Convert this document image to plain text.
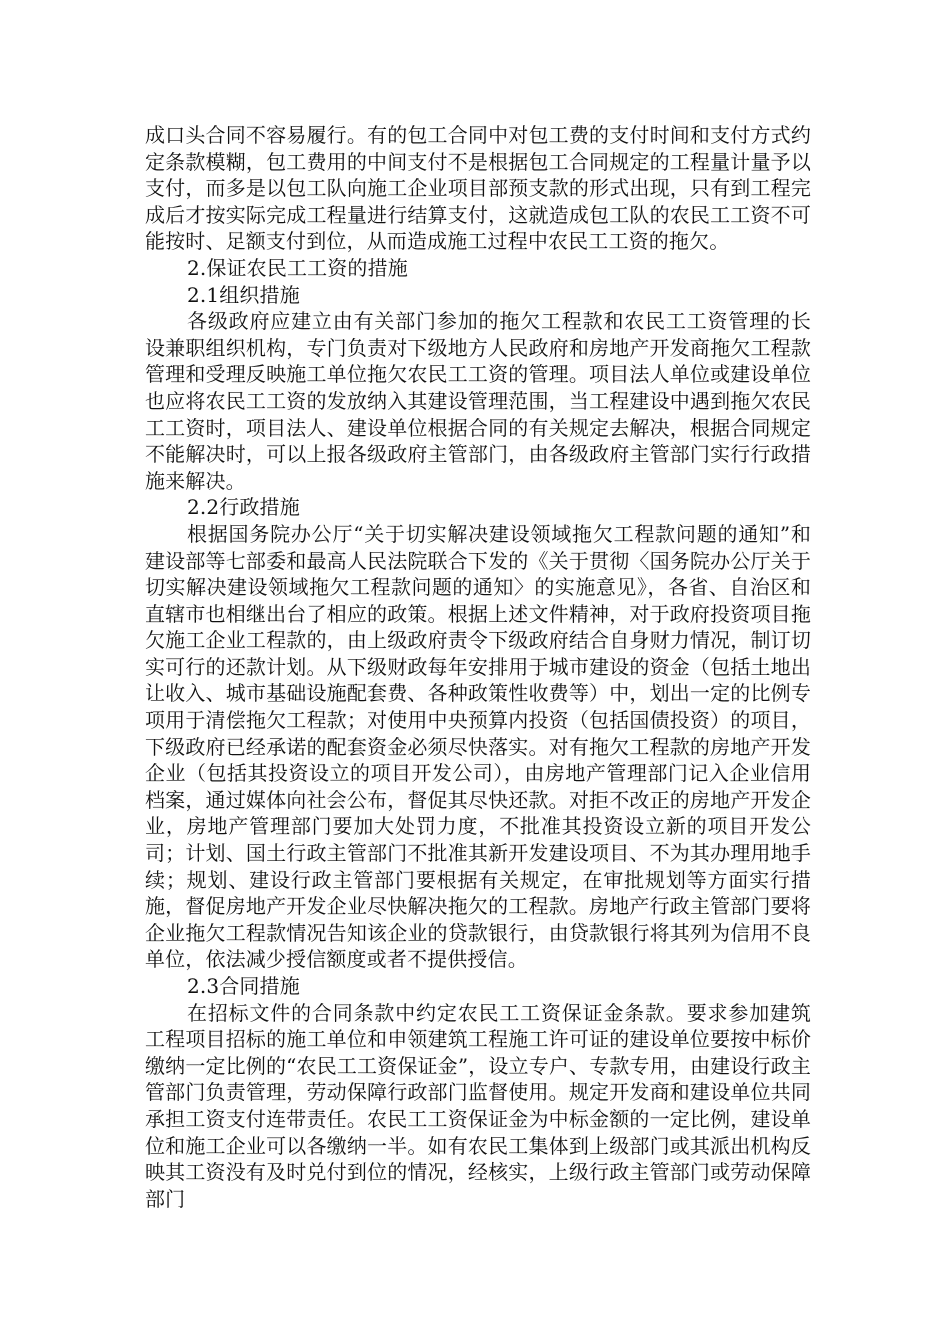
成口头合同不容易履行。有的包工合同中对包工费的支付时间和支付方式约定条款模糊，包工费用的中间支付不是根据包工合同规定的工程量计量予以支付，而多是以包工队向施工企业项目部预支款的形式出现，只有到工程完成后才按实际完成工程量进行结算支付，这就造成包工队的农民工工资不可能按时、足额支付到位，从而造成施工过程中农民工工资的拖欠。

2.保证农民工工资的措施

2.1组织措施

各级政府应建立由有关部门参加的拖欠工程款和农民工工资管理的长设兼职组织机构，专门负责对下级地方人民政府和房地产开发商拖欠工程款管理和受理反映施工单位拖欠农民工工资的管理。项目法人单位或建设单位也应将农民工工资的发放纳入其建设管理范围，当工程建设中遇到拖欠农民工工资时，项目法人、建设单位根据合同的有关规定去解决，根据合同规定不能解决时，可以上报各级政府主管部门，由各级政府主管部门实行行政措施来解决。

2.2行政措施

根据国务院办公厅“关于切实解决建设领域拖欠工程款问题的通知”和建设部等七部委和最高人民法院联合下发的《关于贯彻〈国务院办公厅关于切实解决建设领域拖欠工程款问题的通知〉的实施意见》，各省、自治区和直辖市也相继出台了相应的政策。根据上述文件精神，对于政府投资项目拖欠施工企业工程款的，由上级政府责令下级政府结合自身财力情况，制订切实可行的还款计划。从下级财政每年安排用于城市建设的资金（包括土地出让收入、城市基础设施配套费、各种政策性收费等）中，划出一定的比例专项用于清偿拖欠工程款；对使用中央预算内投资（包括国债投资）的项目，下级政府已经承诺的配套资金必须尽快落实。对有拖欠工程款的房地产开发企业（包括其投资设立的项目开发公司），由房地产管理部门记入企业信用档案，通过媒体向社会公布，督促其尽快还款。对拒不改正的房地产开发企业，房地产管理部门要加大处罚力度，不批准其投资设立新的项目开发公司；计划、国土行政主管部门不批准其新开发建设项目、不为其办理用地手续；规划、建设行政主管部门要根据有关规定，在审批规划等方面实行措施，督促房地产开发企业尽快解决拖欠的工程款。房地产行政主管部门要将企业拖欠工程款情况告知该企业的贷款银行，由贷款银行将其列为信用不良单位，依法减少授信额度或者不提供授信。

2.3合同措施

在招标文件的合同条款中约定农民工工资保证金条款。要求参加建筑工程项目招标的施工单位和申领建筑工程施工许可证的建设单位要按中标价缴纳一定比例的“农民工工资保证金”，设立专户、专款专用，由建设行政主管部门负责管理，劳动保障行政部门监督使用。规定开发商和建设单位共同承担工资支付连带责任。农民工工资保证金为中标金额的一定比例，建设单位和施工企业可以各缴纳一半。如有农民工集体到上级部门或其派出机构反映其工资没有及时兑付到位的情况，经核实，上级行政主管部门或劳动保障部门
